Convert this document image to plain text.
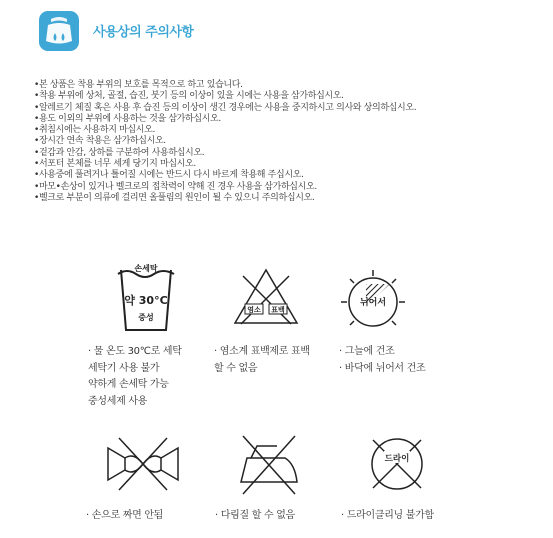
사용상의 주의사항
•본 상품은 착용 부위의 보호를 목적으로 하고 있습니다.
•착용 부위에 상처, 골절, 습진, 붓기 등의 이상이 있을 시에는 사용을 삼가하십시오.
•알레르기 체질 혹은 사용 후 습진 등의 이상이 생긴 경우에는 사용을 중지하시고 의사와 상의하십시오.
•용도 이외의 부위에 사용하는 것을 삼가하십시오.
•취침시에는 사용하지 마십시오.
•장시간 연속 착용은 삼가하십시오.
•겉감과 안감, 상하를 구분하여 사용하십시오.
•서포터 본체를 너무 세게 당기지 마십시오.
•사용중에 풀려거나 틀어질 시에는 반드시 다시 바르게 착용해 주십시오.
•마모•손상이 있거나 벨크로의 접착력이 약해 진 경우 사용을 삼가하십시오.
•벨크로 부분이 의류에 걸리면 올풀림의 원인이 될 수 있으니 주의하십시오.
손세탁
약 30°C
중성
염소 표백
뉘어서
· 물 온도 30℃로 세탁
세탁기 사용 불가
약하게 손세탁 가능
중성세제 사용
· 염소계 표백제로 표백
할 수 없음
· 그늘에 건조
· 바닥에 뉘어서 건조
드라이
· 손으로 짜면 안됨	· 다림질 할 수 없음	· 드라이클리닝 불가함
